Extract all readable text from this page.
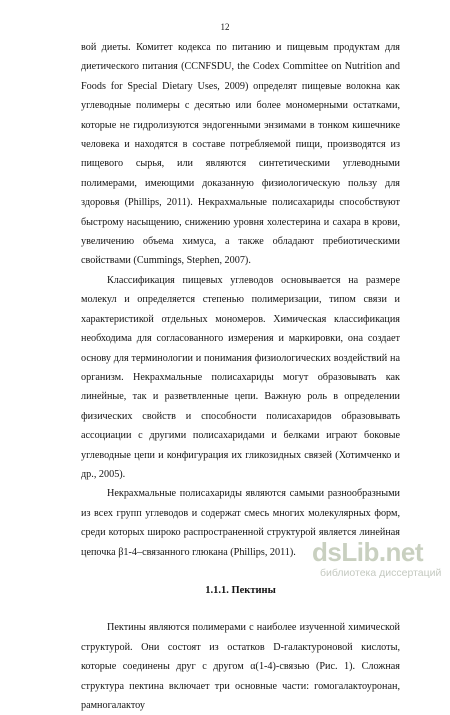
12

вой диеты. Комитет кодекса по питанию и пищевым продуктам для диетического питания (CCNFSDU, the Codex Committee on Nutrition and Foods for Special Dietary Uses, 2009) определят пищевые волокна как углеводные полимеры с десятью или более мономерными остатками, которые не гидролизуются эндогенными энзимами в тонком кишечнике человека и находятся в составе потребляемой пищи, производятся из пищевого сырья, или являются синтетическими углеводными полимерами, имеющими доказанную физиологическую пользу для здоровья (Phillips, 2011). Некрахмальные полисахариды способствуют быстрому насыщению, снижению уровня холестерина и сахара в крови, увеличению объема химуса, а также обладают пребиотическими свойствами (Cummings, Stephen, 2007).

Классификация пищевых углеводов основывается на размере молекул и определяется степенью полимеризации, типом связи и характеристикой отдельных мономеров. Химическая классификация необходима для согласованного измерения и маркировки, она создает основу для терминологии и понимания физиологических воздействий на организм. Некрахмальные полисахариды могут образовывать как линейные, так и разветвленные цепи. Важную роль в определении физических свойств и способности полисахаридов образовывать ассоциации с другими полисахаридами и белками играют боковые углеводные цепи и конфигурация их гликозидных связей (Хотимченко и др., 2005).

Некрахмальные полисахариды являются самыми разнообразными из всех групп углеводов и содержат смесь многих молекулярных форм, среди которых широко распространенной структурой является линейная цепочка β1-4–связанного глюкана (Phillips, 2011).

1.1.1. Пектины

Пектины являются полимерами с наиболее изученной химической структурой. Они состоят из остатков D-галактуроновой кислоты, которые соединены друг с другом α(1-4)-связью (Рис. 1). Сложная структура пектина включает три основные части: гомогалактоуронан, рамногалактоу

dsLib.net
библиотека диссертаций
